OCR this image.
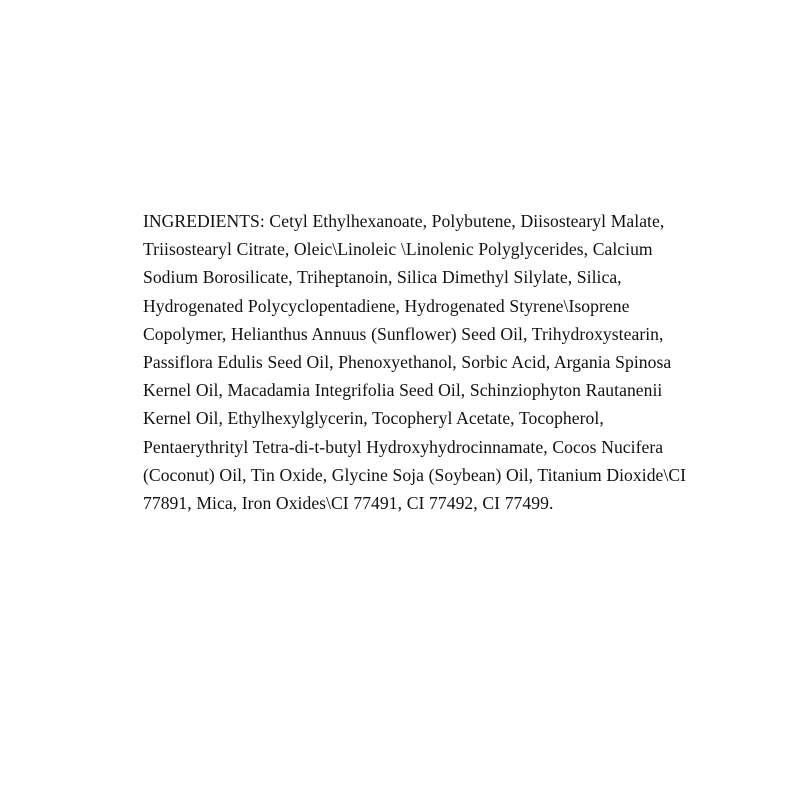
INGREDIENTS: Cetyl Ethylhexanoate, Polybutene, Diisostearyl Malate, Triisostearyl Citrate, Oleic\Linoleic \Linolenic Polyglycerides, Calcium Sodium Borosilicate, Triheptanoin, Silica Dimethyl Silylate, Silica, Hydrogenated Polycyclopentadiene, Hydrogenated Styrene\Isoprene Copolymer, Helianthus Annuus (Sunflower) Seed Oil, Trihydroxystearin, Passiflora Edulis Seed Oil, Phenoxyethanol, Sorbic Acid, Argania Spinosa Kernel Oil, Macadamia Integrifolia Seed Oil, Schinziophyton Rautanenii Kernel Oil, Ethylhexylglycerin, Tocopheryl Acetate, Tocopherol, Pentaerythrityl Tetra-di-t-butyl Hydroxyhydrocinnamate, Cocos Nucifera (Coconut) Oil, Tin Oxide, Glycine Soja (Soybean) Oil, Titanium Dioxide\CI 77891, Mica, Iron Oxides\CI 77491, CI 77492, CI 77499.
